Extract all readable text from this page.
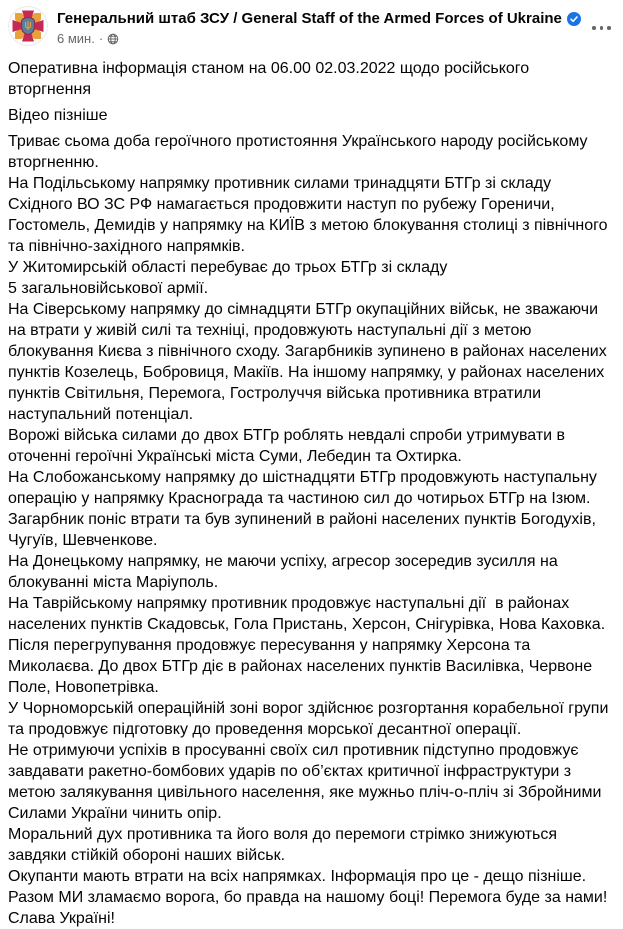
Генеральний штаб ЗСУ / General Staff of the Armed Forces of Ukraine
6 мин. ·

Оперативна інформація станом на 06.00 02.03.2022 щодо російського вторгнення

Відео пізніше

Триває сьома доба героїчного протистояння Українського народу російському вторгненню.
На Подільському напрямку противник силами тринадцяти БТГр зі складу Східного ВО ЗС РФ намагається продовжити наступ по рубежу Гореничи, Гостомель, Демидів у напрямку на КИЇВ з метою блокування столиці з північного та північно-західного напрямків.
У Житомирській області перебуває до трьох БТГр зі складу
5 загальновійськової армії.
На Сіверському напрямку до сімнадцяти БТГр окупаційних військ, не зважаючи на втрати у живій силі та техніці, продовжують наступальні дії з метою блокування Києва з північного сходу. Загарбників зупинено в районах населених пунктів Козелець, Бобровиця, Макіїв. На іншому напрямку, у районах населених пунктів Світильня, Перемога, Гостролуччя війська противника втратили наступальний потенціал.
Ворожі війська силами до двох БТГр роблять невдалі спроби утримувати в оточенні героїчні Українські міста Суми, Лебедин та Охтирка.
На Слобожанському напрямку до шістнадцяти БТГр продовжують наступальну операцію у напрямку Краснограда та частиною сил до чотирьох БТГр на Ізюм. Загарбник поніс втрати та був зупинений в районі населених пунктів Богодухів, Чугуїв, Шевченкове.
На Донецькому напрямку, не маючи успіху, агресор зосередив зусилля на блокуванні міста Маріуполь.
На Таврійському напрямку противник продовжує наступальні дії  в районах населених пунктів Скадовськ, Гола Пристань, Херсон, Снігурівка, Нова Каховка. Після перегрупування продовжує пересування у напрямку Херсона та Миколаєва. До двох БТГр діє в районах населених пунктів Василівка, Червоне Поле, Новопетрівка.
У Чорноморській операційній зоні ворог здійснює розгортання корабельної групи та продовжує підготовку до проведення морської десантної операції.
Не отримуючи успіхів в просуванні своїх сил противник підступно продовжує завдавати ракетно-бомбових ударів по об’єктах критичної інфраструктури з метою залякування цивільного населення, яке мужньо пліч-о-пліч зі Збройними Силами України чинить опір.
Моральний дух противника та його воля до перемоги стрімко знижуються завдяки стійкій обороні наших військ.
Окупанти мають втрати на всіх напрямках. Інформація про це - дещо пізніше.
Разом МИ зламаємо ворога, бо правда на нашому боці! Перемога буде за нами! Слава Україні!
